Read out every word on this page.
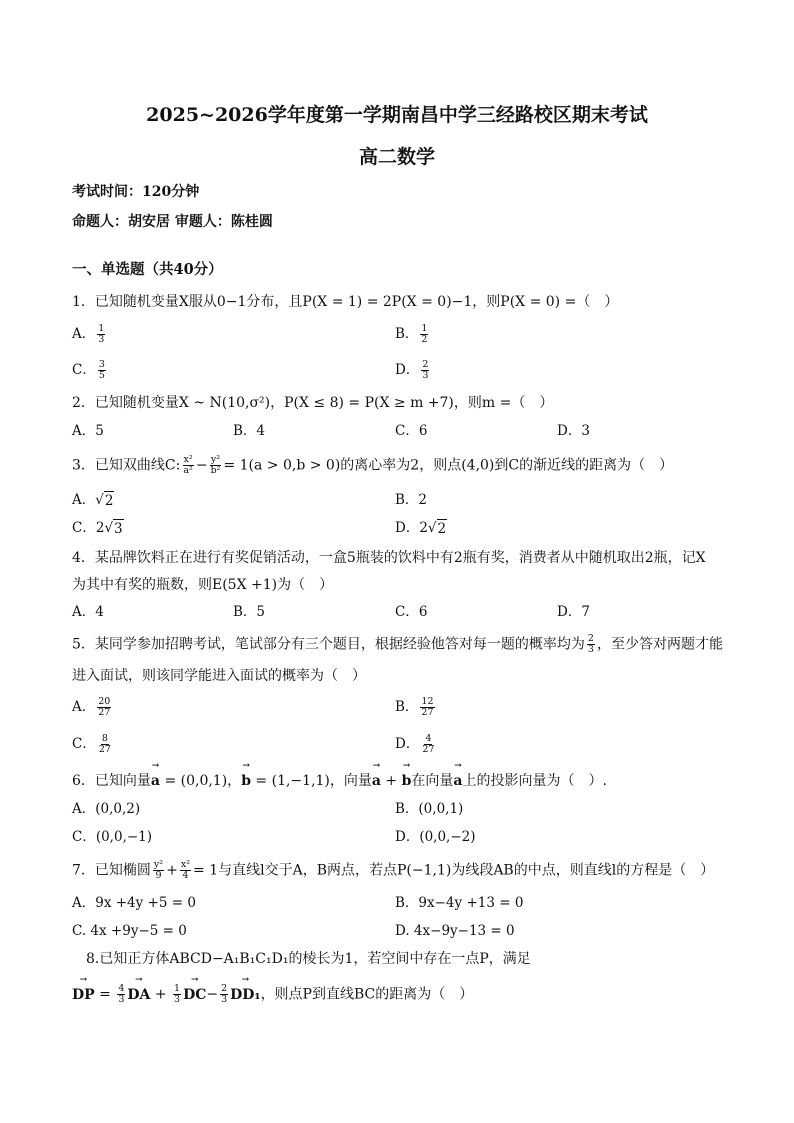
2025~2026学年度第一学期南昌中学三经路校区期末考试
高二数学
考试时间：120分钟
命题人：胡安居 审题人：陈桂圆
一、单选题（共40分）
1．已知随机变量X服从0−1分布，且P(X = 1) = 2P(X = 0)−1，则P(X = 0) =（　）
A． $\frac{1}{3}$	B． $\frac{1}{2}$
C． $\frac{3}{5}$	D． $\frac{2}{3}$
2．已知随机变量X ~ N(10,σ²)，P(X ≤ 8) = P(X ≥ m +7)，则m =（　）
A．5	B．4	C．6	D．3
3．已知双曲线C: $\frac{\text{x²}}{\text{a²}} - \frac{\text{y²}}{\text{b²}} = 1(a > 0,b > 0)$的离心率为2，则点(4,0)到C的渐近线的距离为（　）
A．√ 2	B．2
C．2√ 3	D．2√ 2
4．某品牌饮料正在进行有奖促销活动，一盒5瓶装的饮料中有2瓶有奖，消费者从中随机取出2瓶，记X
为其中有奖的瓶数，则E(5X +1)为（　）
A．4	B．5	C．6	D．7
5．某同学参加招聘考试，笔试部分有三个题目，根据经验他答对每一题的概率均为 $\frac{2}{3}$ ，至少答对两题才能
进入面试，则该同学能进入面试的概率为（　）
A． $\frac{20}{27}$	B． $\frac{12}{27}$
C． $\frac{8}{27}$	D． $\frac{4}{27}$
6．已知向量→ a = (0,0,1)，→ b = (1,−1,1)，向量→ a + → b在向量→ a上的投影向量为（　）.
A．(0,0,2)	B．(0,0,1)
C．(0,0,−1)	D．(0,0,−2)
7．已知椭圆 $\frac{\text{y²}}{9} + \frac{\text{x²}}{4} = 1$与直线l交于A，B两点，若点P(−1,1)为线段AB的中点，则直线l的方程是（　）
A．9x +4y +5 = 0	B．9x−4y +13 = 0
C. 4x +9y−5 = 0	D. 4x−9y−13 = 0
8.已知正方体ABCD−A₁B₁C₁D₁的棱长为1，若空间中存在一点P，满足
→ DP = $\frac{4}{3}$
→ DA + $\frac{1}{3}$
→ $DC- \frac{2}{3}$
→ DD₁，则点P到直线BC的距离为（　）
